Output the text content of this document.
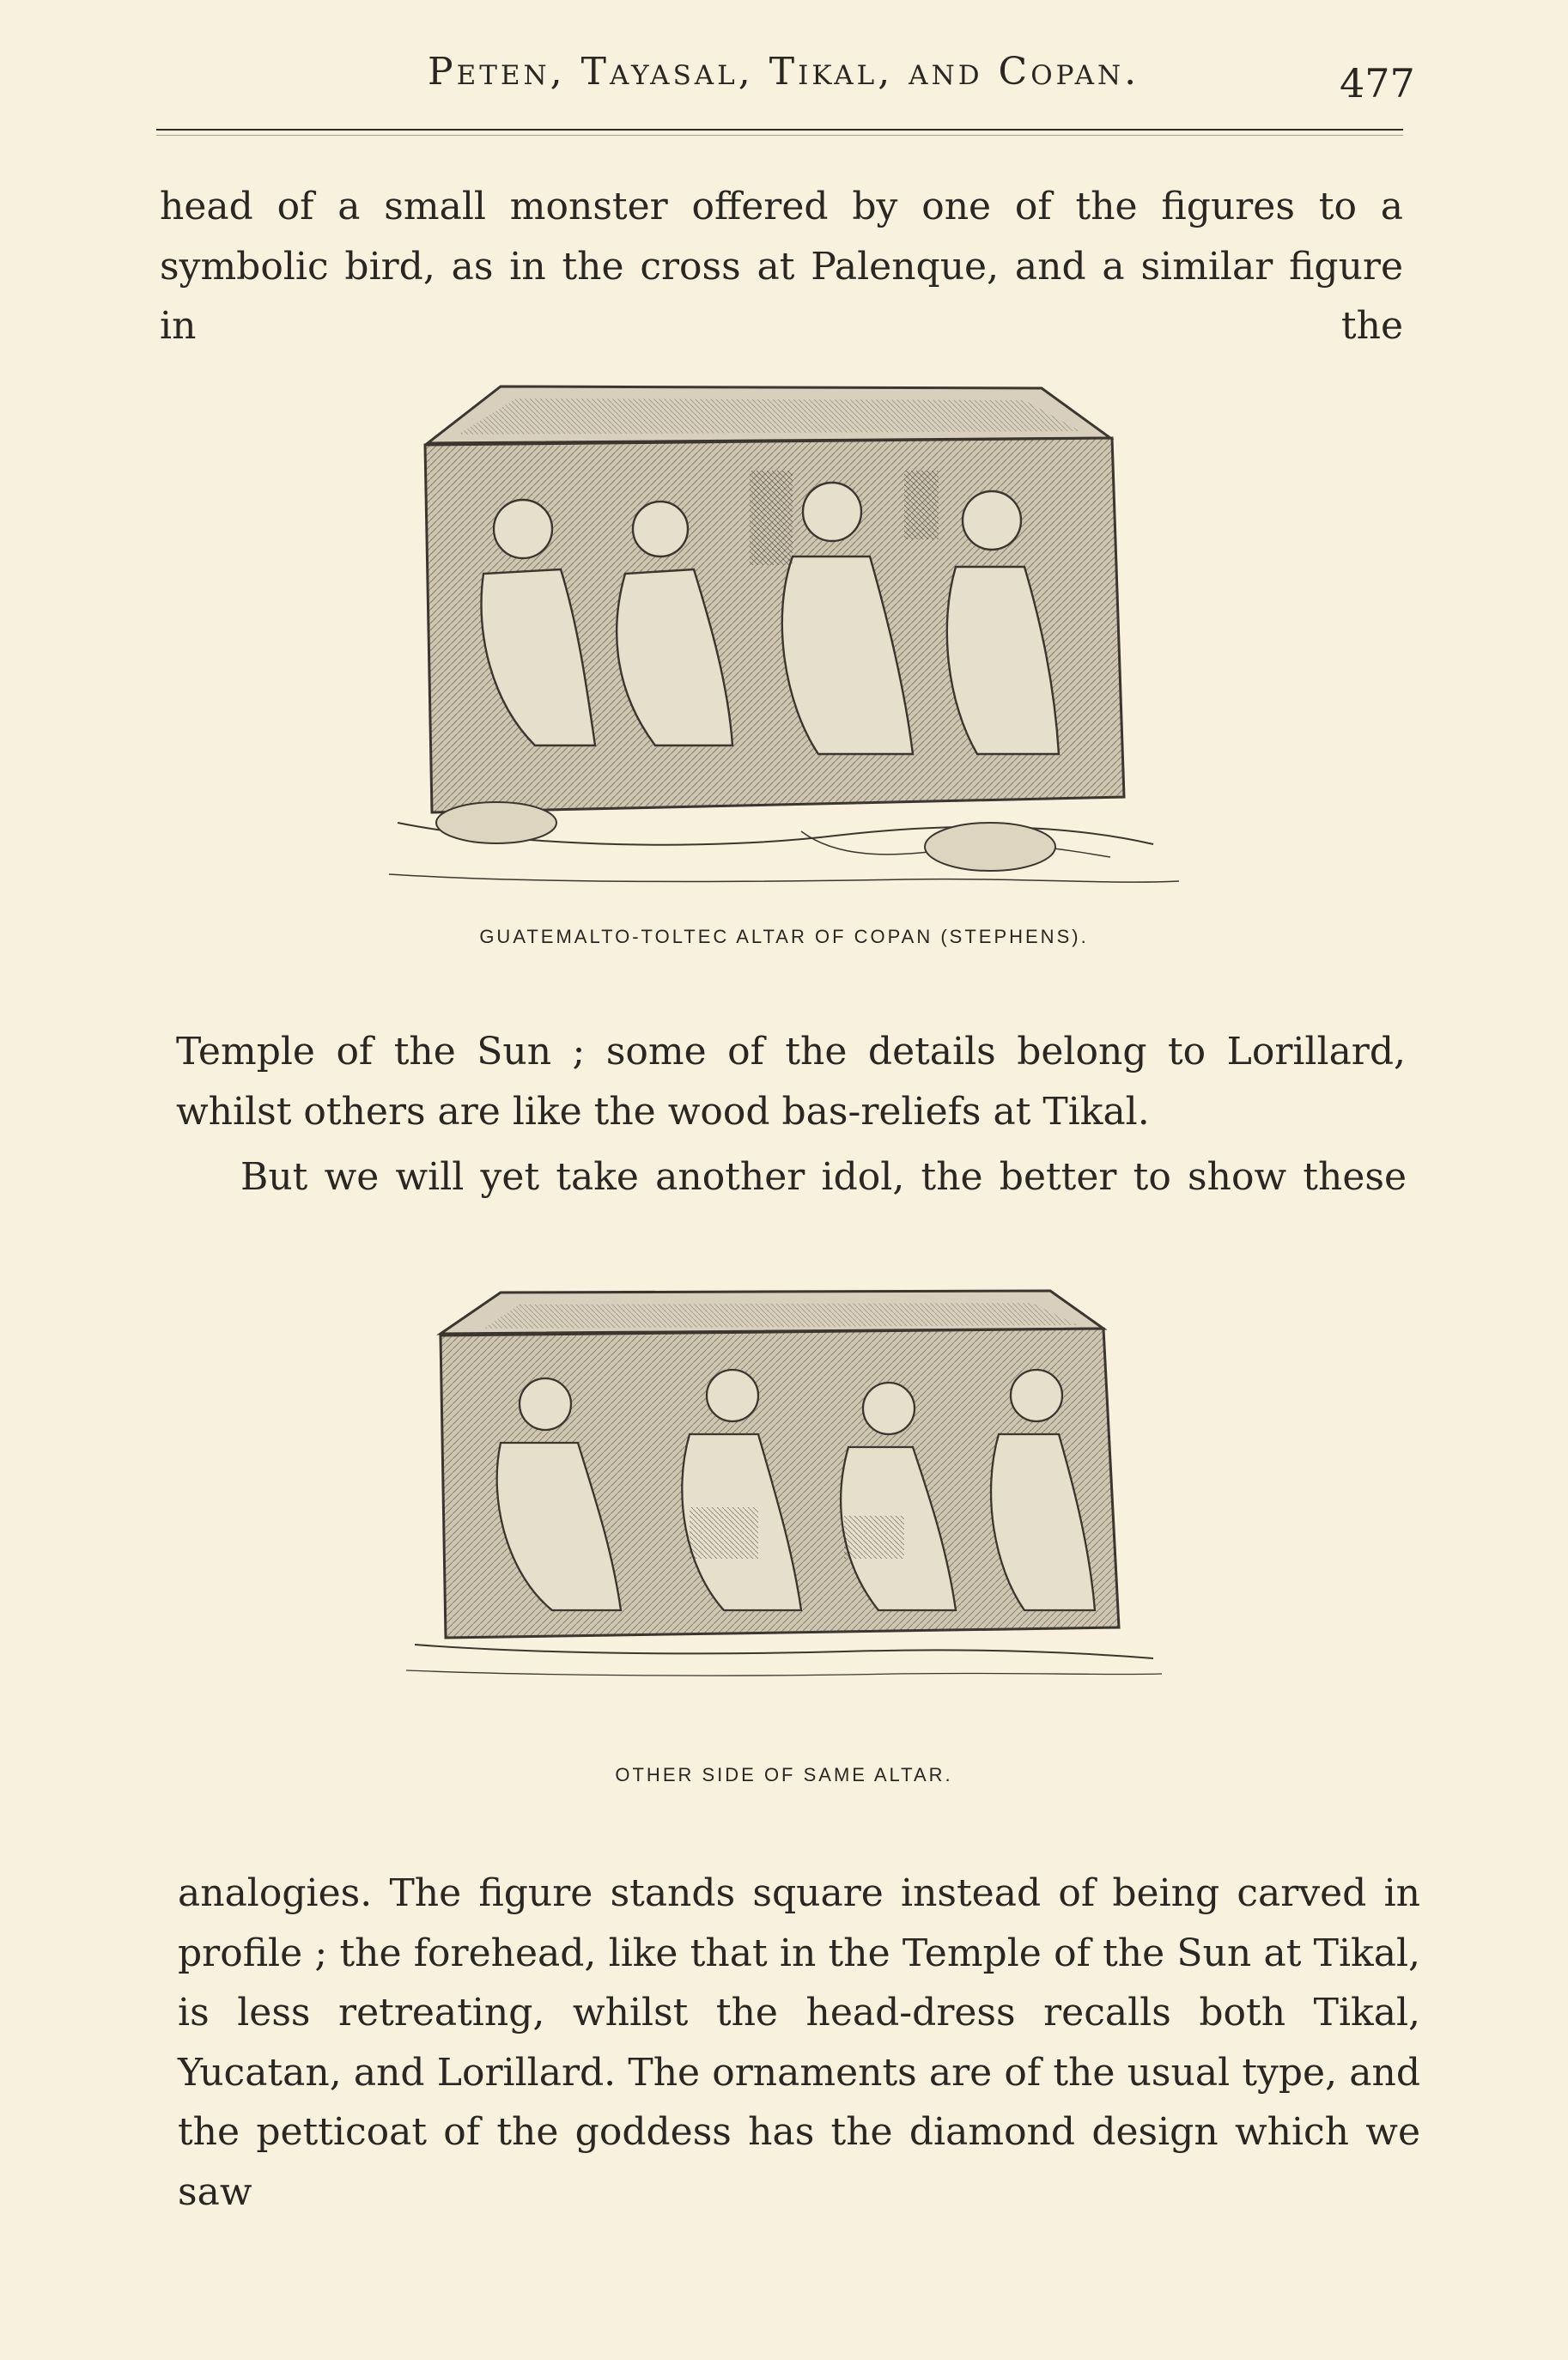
Peten, Tayasal, Tikal, and Copan.	477

head of a small monster offered by one of the figures to a symbolic bird, as in the cross at Palenque, and a similar figure in the

GUATEMALTO-TOLTEC ALTAR OF COPAN (STEPHENS).

Temple of the Sun ; some of the details belong to Lorillard, whilst others are like the wood bas-reliefs at Tikal.

But we will yet take another idol, the better to show these

OTHER SIDE OF SAME ALTAR.

analogies. The figure stands square instead of being carved in profile ; the forehead, like that in the Temple of the Sun at Tikal, is less retreating, whilst the head-dress recalls both Tikal, Yucatan, and Lorillard. The ornaments are of the usual type, and the petticoat of the goddess has the diamond design which we saw
